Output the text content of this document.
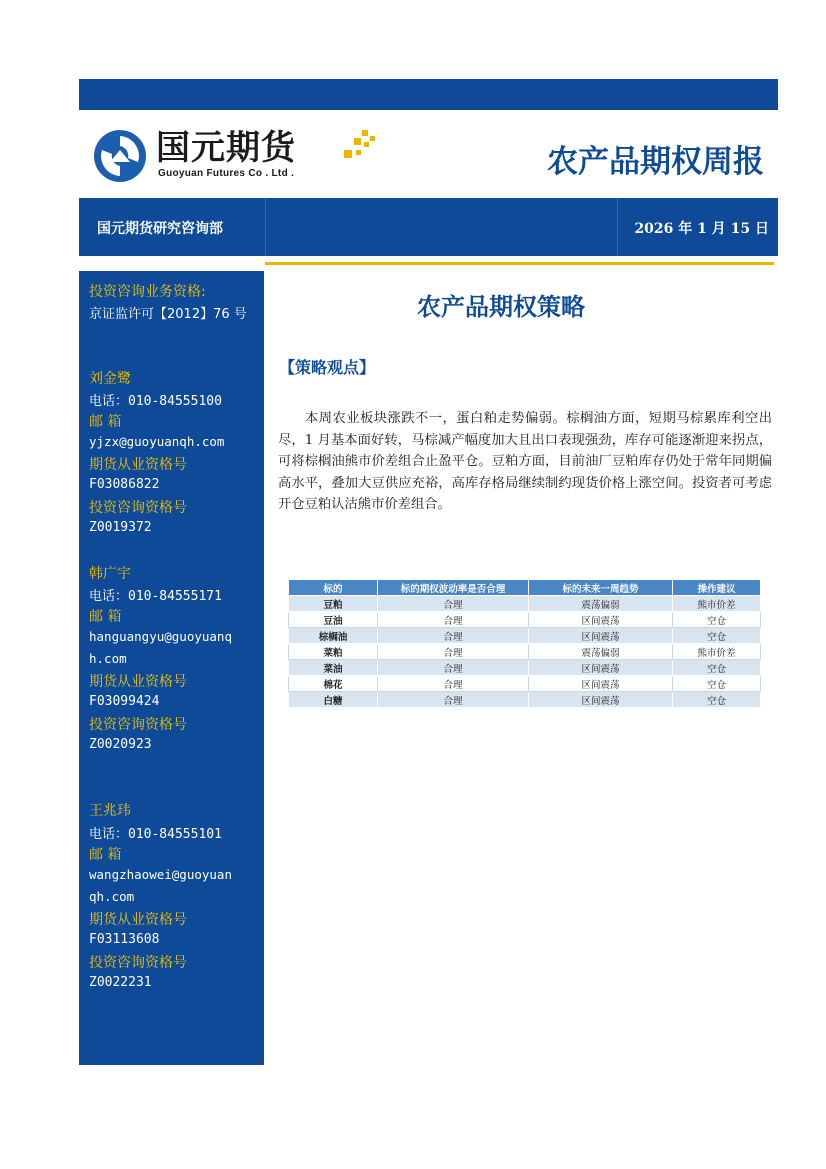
国元期货
Guoyuan Futures Co . Ltd .	农产品期权周报
国元期货研究咨询部	2026 年 1 月 15 日
投资咨询业务资格:
京证监许可【2012】76 号
刘金鹭
电话：010-84555100
邮 箱
yjzx@guoyuanqh.com
期货从业资格号
F03086822
投资咨询资格号
Z0019372
韩广宇
电话：010-84555171
邮 箱
hanguangyu@guoyuanq
h.com
期货从业资格号
F03099424
投资咨询资格号
Z0020923
王兆玮
电话：010-84555101
邮 箱
wangzhaowei@guoyuan
qh.com
期货从业资格号
F03113608
投资咨询资格号
Z0022231
农产品期权策略
【策略观点】

本周农业板块涨跌不一，蛋白粕走势偏弱。棕榈油方面，短期马棕累库利空出尽，1 月基本面好转，马棕减产幅度加大且出口表现强劲，库存可能逐渐迎来拐点，可将棕榈油熊市价差组合止盈平仓。豆粕方面，目前油厂豆粕库存仍处于常年同期偏高水平，叠加大豆供应充裕，高库存格局继续制约现货价格上涨空间。投资者可考虑开仓豆粕认沽熊市价差组合。

标的	标的期权波动率是否合理	标的未来一周趋势	操作建议
豆粕	合理	震荡偏弱	熊市价差
豆油	合理	区间震荡	空仓
棕榈油	合理	区间震荡	空仓
菜粕	合理	震荡偏弱	熊市价差
菜油	合理	区间震荡	空仓
棉花	合理	区间震荡	空仓
白糖	合理	区间震荡	空仓
